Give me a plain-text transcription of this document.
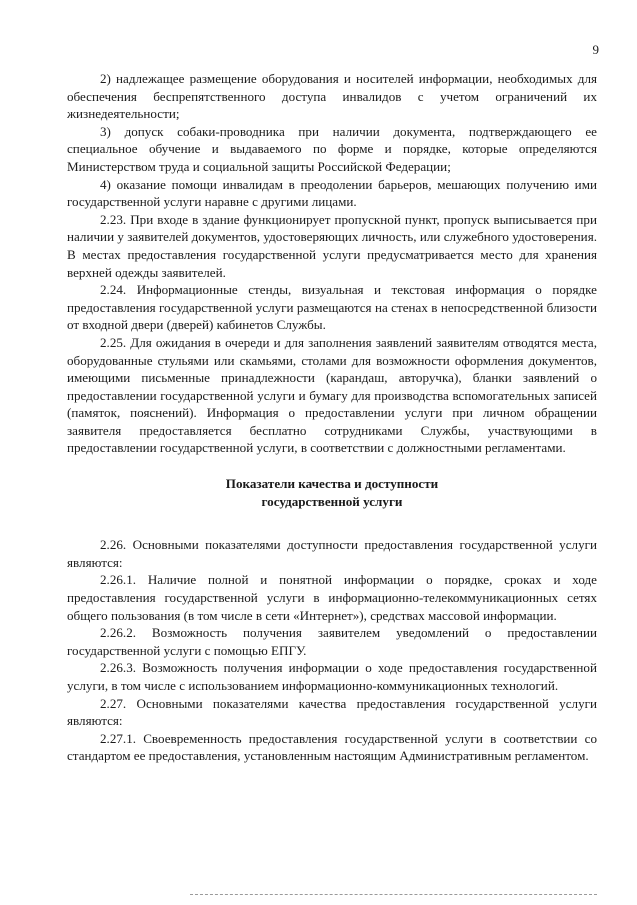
9

2) надлежащее размещение оборудования и носителей информации, необходимых для обеспечения беспрепятственного доступа инвалидов с учетом ограничений их жизнедеятельности;

3) допуск собаки-проводника при наличии документа, подтверждающего ее специальное обучение и выдаваемого по форме и порядке, которые определяются Министерством труда и социальной защиты Российской Федерации;

4) оказание помощи инвалидам в преодолении барьеров, мешающих получению ими государственной услуги наравне с другими лицами.

2.23. При входе в здание функционирует пропускной пункт, пропуск выписывается при наличии у заявителей документов, удостоверяющих личность, или служебного удостоверения. В местах предоставления государственной услуги предусматривается место для хранения верхней одежды заявителей.

2.24. Информационные стенды, визуальная и текстовая информация о порядке предоставления государственной услуги размещаются на стенах в непосредственной близости от входной двери (дверей) кабинетов Службы.

2.25. Для ожидания в очереди и для заполнения заявлений заявителям отводятся места, оборудованные стульями или скамьями, столами для возможности оформления документов, имеющими письменные принадлежности (карандаш, авторучка), бланки заявлений о предоставлении государственной услуги и бумагу для производства вспомогательных записей (памяток, пояснений). Информация о предоставлении услуги при личном обращении заявителя предоставляется бесплатно сотрудниками Службы, участвующими в предоставлении государственной услуги, в соответствии с должностными регламентами.

Показатели качества и доступности
государственной услуги

2.26. Основными показателями доступности предоставления государственной услуги являются:

2.26.1. Наличие полной и понятной информации о порядке, сроках и ходе предоставления государственной услуги в информационно-телекоммуникационных сетях общего пользования (в том числе в сети «Интернет»), средствах массовой информации.

2.26.2. Возможность получения заявителем уведомлений о предоставлении государственной услуги с помощью ЕПГУ.

2.26.3. Возможность получения информации о ходе предоставления государственной услуги, в том числе с использованием информационно-коммуникационных технологий.

2.27. Основными показателями качества предоставления государственной услуги являются:

2.27.1. Своевременность предоставления государственной услуги в соответствии со стандартом ее предоставления, установленным настоящим Административным регламентом.
